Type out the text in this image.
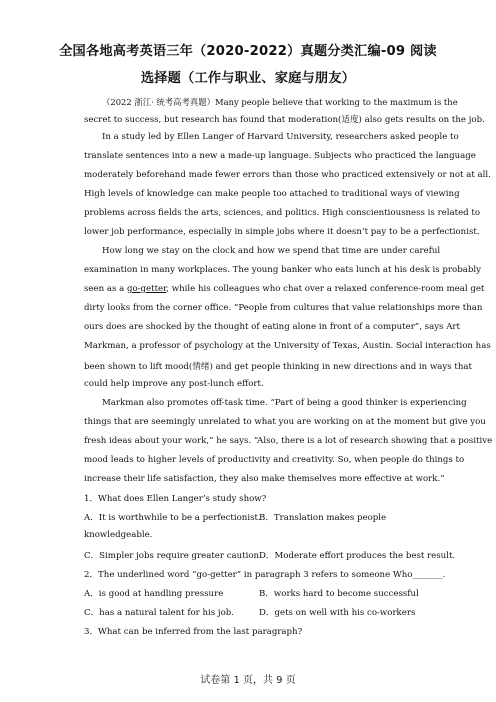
全国各地高考英语三年（2020-2022）真题分类汇编-09 阅读
选择题（工作与职业、家庭与朋友）
（2022 浙江· 统考高考真题）Many people believe that working to the maximum is the
secret to success, but research has found that moderation(适度) also gets results on the job.
In a study led by Ellen Langer of Harvard University, researchers asked people to
translate sentences into a new a made-up language. Subjects who practiced the language
moderately beforehand made fewer errors than those who practiced extensively or not at all.
High levels of knowledge can make people too attached to traditional ways of viewing
problems across fields the arts, sciences, and politics. High conscientiousness is related to
lower job performance, especially in simple jobs where it doesn’t pay to be a perfectionist.
How long we stay on the clock and how we spend that time are under careful
examination in many workplaces. The young banker who eats lunch at his desk is probably
seen as a go-getter, while his colleagues who chat over a relaxed conference-room meal get
dirty looks from the corner office. “People from cultures that value relationships more than
ours does are shocked by the thought of eating alone in front of a computer”, says Art
Markman, a professor of psychology at the University of Texas, Austin. Social interaction has
been shown to lift mood(情绪) and get people thinking in new directions and in ways that
could help improve any post-lunch effort.
Markman also promotes off-task time. “Part of being a good thinker is experiencing
things that are seemingly unrelated to what you are working on at the moment but give you
fresh ideas about your work,” he says. “Also, there is a lot of research showing that a positive
mood leads to higher levels of productivity and creativity. So, when people do things to
increase their life satisfaction, they also make themselves more effective at work.”
1．What does Ellen Langer’s study show?
A．It is worthwhile to be a perfectionist.
B．Translation makes people
knowledgeable.
C．Simpler jobs require greater caution.
D．Moderate effort produces the best result.
2．The underlined word “go-getter” in paragraph 3 refers to someone Who_______.
A．is good at handling pressure	B．works hard to become successful
C．has a natural talent for his job.	D．gets on well with his co-workers
3．What can be inferred from the last paragraph?
试卷第 1 页，共 9 页
